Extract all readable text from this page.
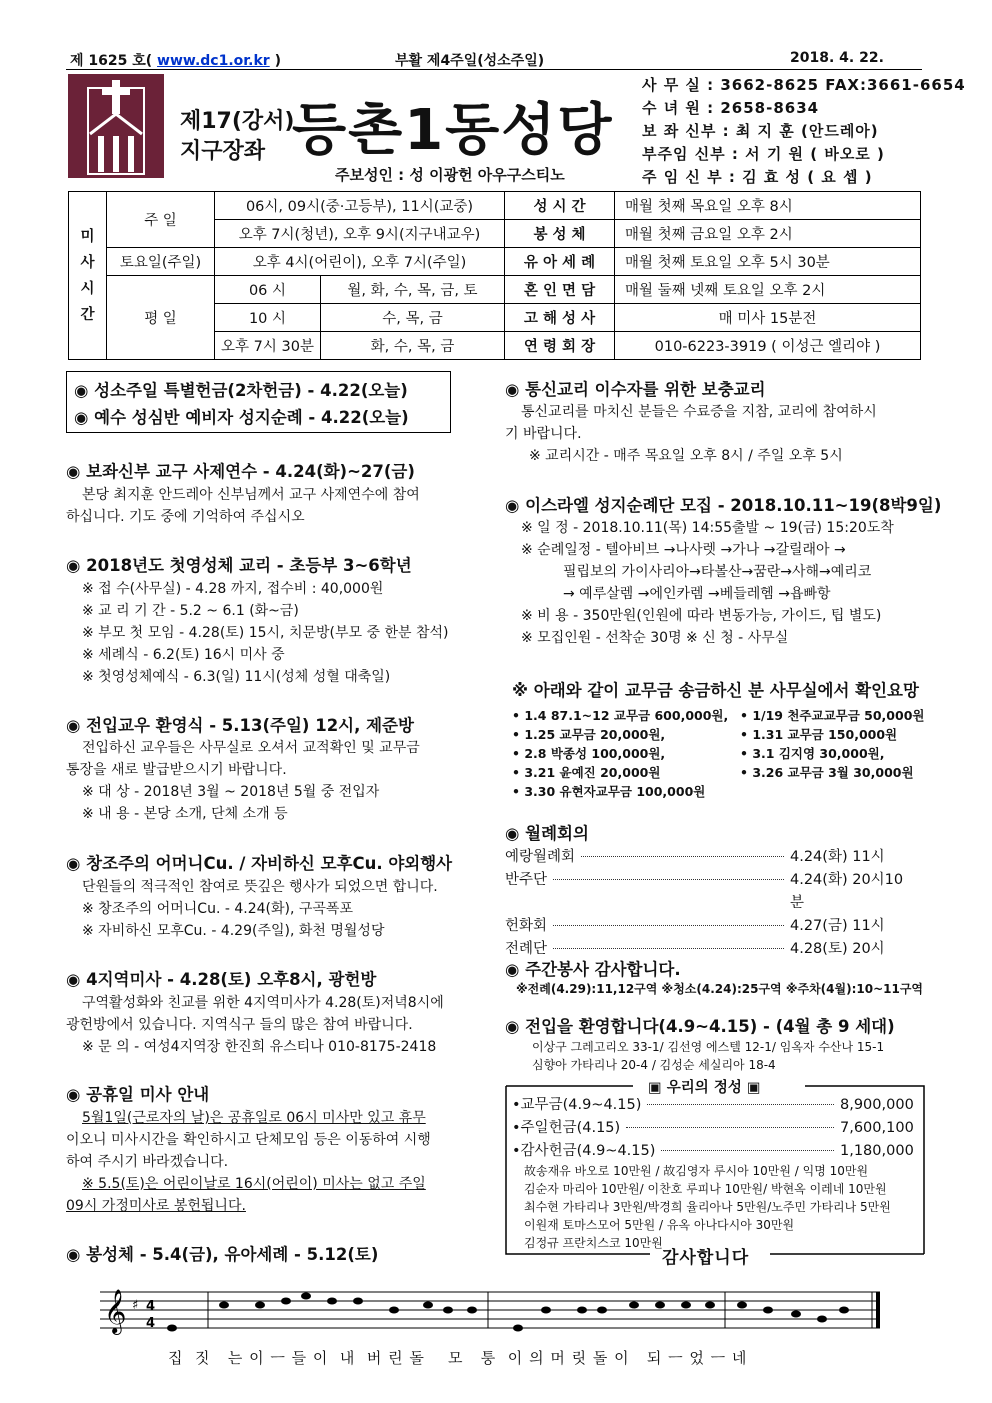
제 1625 호( www.dc1.or.kr )	부활 제4주일(성소주일)	2018. 4. 22.
제17(강서)
지구장좌 등촌1동성당
주보성인 : 성 이광헌 아우구스티노
사 무 실 : 3662-8625 FAX:3661-6654
수 녀 원 : 2658-8634
보 좌 신부 : 최 지 훈 (안드레아)
부주임 신부 : 서 기 원 ( 바오로 )
주 임 신 부 : 김 효 성 ( 요 셉 )
미
사
시
간	주 일	06시, 09시(중·고등부), 11시(교중)		성 시 간	매월 첫째 목요일 오후 8시
		오후 7시(청년), 오후 9시(지구내교우)		봉 성 체	매월 첫째 금요일 오후 2시
	토요일(주일)	오후 4시(어린이), 오후 7시(주일)		유 아 세 례	매월 첫째 토요일 오후 5시 30분
	평 일	06 시	월, 화, 수, 목, 금, 토	혼 인 면 담	매월 둘째 넷째 토요일 오후 2시
		10 시	수, 목, 금	고 해 성 사	매 미사 15분전
		오후 7시 30분	화, 수, 목, 금	연 령 회 장	010-6223-3919 ( 이성근 엘리야 )
◉ 성소주일 특별헌금(2차헌금) - 4.22(오늘)
◉ 예수 성심반 예비자 성지순례 - 4.22(오늘)
◉ 보좌신부 교구 사제연수 - 4.24(화)~27(금)
본당 최지훈 안드레아 신부님께서 교구 사제연수에 참여
하십니다. 기도 중에 기억하여 주십시오
◉ 2018년도 첫영성체 교리 - 초등부 3~6학년
※ 접 수(사무실) - 4.28 까지, 접수비 : 40,000원
※ 교 리 기 간 - 5.2 ~ 6.1 (화~금)
※ 부모 첫 모임 - 4.28(토) 15시, 치문방(부모 중 한분 참석)
※ 세례식 - 6.2(토) 16시 미사 중
※ 첫영성체예식 - 6.3(일) 11시(성체 성혈 대축일)
◉ 전입교우 환영식 - 5.13(주일) 12시, 제준방
전입하신 교우들은 사무실로 오셔서 교적확인 및 교무금
통장을 새로 발급받으시기 바랍니다.
※ 대 상 - 2018년 3월 ~ 2018년 5월 중 전입자
※ 내 용 - 본당 소개, 단체 소개 등
◉ 창조주의 어머니Cu. / 자비하신 모후Cu. 야외행사
단원들의 적극적인 참여로 뜻깊은 행사가 되었으면 합니다.
※ 창조주의 어머니Cu. - 4.24(화), 구곡폭포
※ 자비하신 모후Cu. - 4.29(주일), 화천 명월성당
◉ 4지역미사 - 4.28(토) 오후8시, 광헌방
구역활성화와 친교를 위한 4지역미사가 4.28(토)저녁8시에
광헌방에서 있습니다. 지역식구 들의 많은 참여 바랍니다.
※ 문 의 - 여성4지역장 한진희 유스티나 010-8175-2418
◉ 공휴일 미사 안내
5월1일(근로자의 날)은 공휴일로 06시 미사만 있고 휴무
이오니 미사시간을 확인하시고 단체모임 등은 이동하여 시행
하여 주시기 바라겠습니다.
※ 5.5(토)은 어린이날로 16시(어린이) 미사는 없고 주일
09시 가정미사로 봉헌됩니다.
◉ 봉성체 - 5.4(금), 유아세례 - 5.12(토)
◉ 통신교리 이수자를 위한 보충교리
통신교리를 마치신 분들은 수료증을 지참, 교리에 참여하시
기 바랍니다.
※ 교리시간 - 매주 목요일 오후 8시 / 주일 오후 5시
◉ 이스라엘 성지순례단 모집 - 2018.10.11~19(8박9일)
※ 일 정 - 2018.10.11(목) 14:55출발 ~ 19(금) 15:20도착
※ 순례일정 - 텔아비브 →나사렛 →가나 →갈릴래아 →
필립보의 가이사리아→타볼산→꿈란→사해→예리코
→ 예루살렘 →에인카렘 →베들레헴 →욥빠항
※ 비 용 - 350만원(인원에 따라 변동가능, 가이드, 팁 별도)
※ 모집인원 - 선착순 30명 ※ 신 청 - 사무실
※ 아래와 같이 교무금 송금하신 분 사무실에서 확인요망
• 1.4 87.1~12 교무금 600,000원, • 1/19 천주교교무금 50,000원
• 1.25 교무금 20,000원,	• 1.31 교무금 150,000원
• 2.8 박종성 100,000원,	• 3.1 김지영 30,000원,
• 3.21 윤예진 20,000원	• 3.26 교무금 3월 30,000원
• 3.30 유현자교무금 100,000원
◉ 월례회의
예랑월례회	4.24(화) 11시
반주단	4.24(화) 20시10분
헌화회	4.27(금) 11시
전례단	4.28(토) 20시
◉ 주간봉사 감사합니다.
※전례(4.29):11,12구역 ※청소(4.24):25구역 ※주차(4월):10~11구역
◉ 전입을 환영합니다(4.9~4.15) - (4월 총 9 세대)
이상구 그레고리오 33-1/ 김선영 에스텔 12-1/ 임옥자 수산나 15-1
심향아 가타리나 20-4 / 김성순 세실리아 18-4
▣ 우리의 정성 ▣
•교무금(4.9~4.15)	8,900,000
•주일헌금(4.15)	7,600,100
•감사헌금(4.9~4.15)	1,180,000
故송재유 바오로 10만원 / 故김영자 루시아 10만원 / 익명 10만원
김순자 마리아 10만원/ 이찬호 루피나 10만원/ 박현옥 이레네 10만원
최수현 가타리나 3만원/박경희 율리아나 5만원/노주민 가타리나 5만원
이원재 토마스모어 5만원 / 유옥 아나다시아 30만원
김정규 프란치스코 10만원
감사합니다
𝄞 ♯ 4
4
집  짓   는 이 ㅡ 들 이  내  버 린 돌    모   퉁  이 의 머 릿 돌 이   되 ㅡ 었 ㅡ 네
